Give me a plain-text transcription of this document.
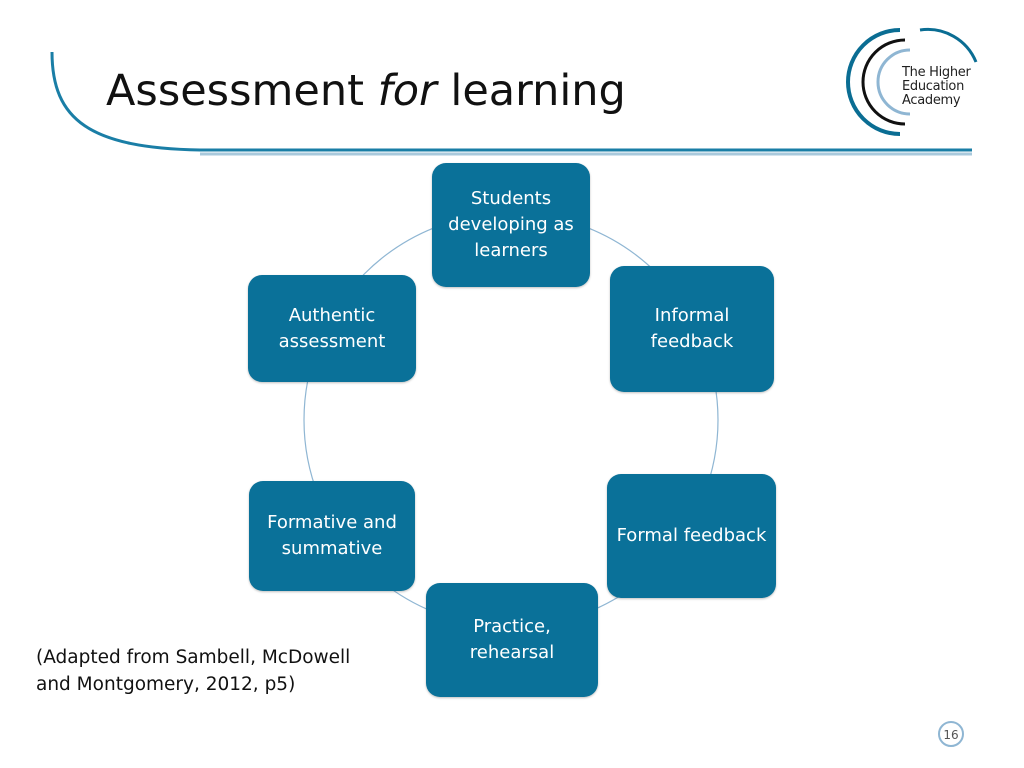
Assessment for learning	The Higher
Education
Academy
Students developing as learners
Informal feedback
Formal feedback
Practice, rehearsal
Formative and summative
Authentic assessment
(Adapted from Sambell, McDowell and Montgomery, 2012, p5)
16
